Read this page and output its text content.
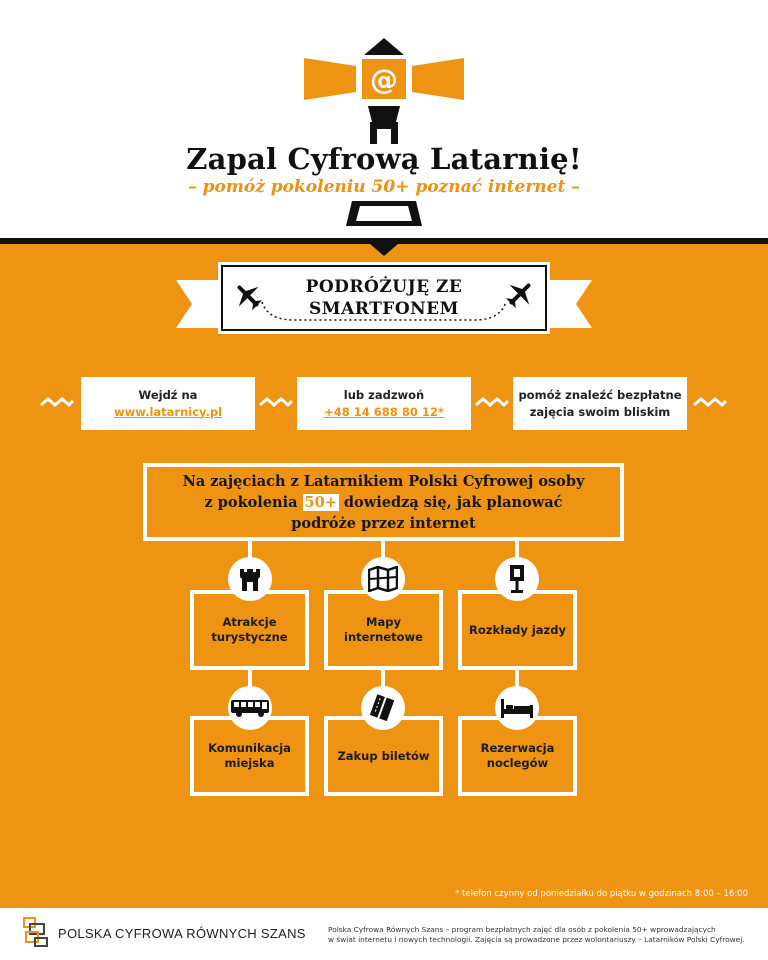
@
Zapal Cyfrową Latarnię!
– pomóż pokoleniu 50+ poznać internet –
PODRÓŻUJĘ ZE
SMARTFONEM
Wejdź na
www.latarnicy.pl
lub zadzwoń
+48 14 688 80 12*
pomóż znaleźć bezpłatne
zajęcia swoim bliskim
Na zajęciach z Latarnikiem Polski Cyfrowej osoby
z pokolenia 50+ dowiedzą się, jak planować
podróże przez internet
Atrakcje
turystyczne
Mapy
internetowe
Rozkłady jazdy
Komunikacja
miejska
Zakup biletów
Rezerwacja
noclegów
* telefon czynny od poniedziałku do piątku w godzinach 8:00 – 16:00
POLSKA CYFROWA RÓWNYCH SZANS	Polska Cyfrowa Równych Szans – program bezpłatnych zajęć dla osób z pokolenia 50+ wprowadzających
w świat internetu i nowych technologii. Zajęcia są prowadzone przez wolontariuszy – Latarników Polski Cyfrowej.
